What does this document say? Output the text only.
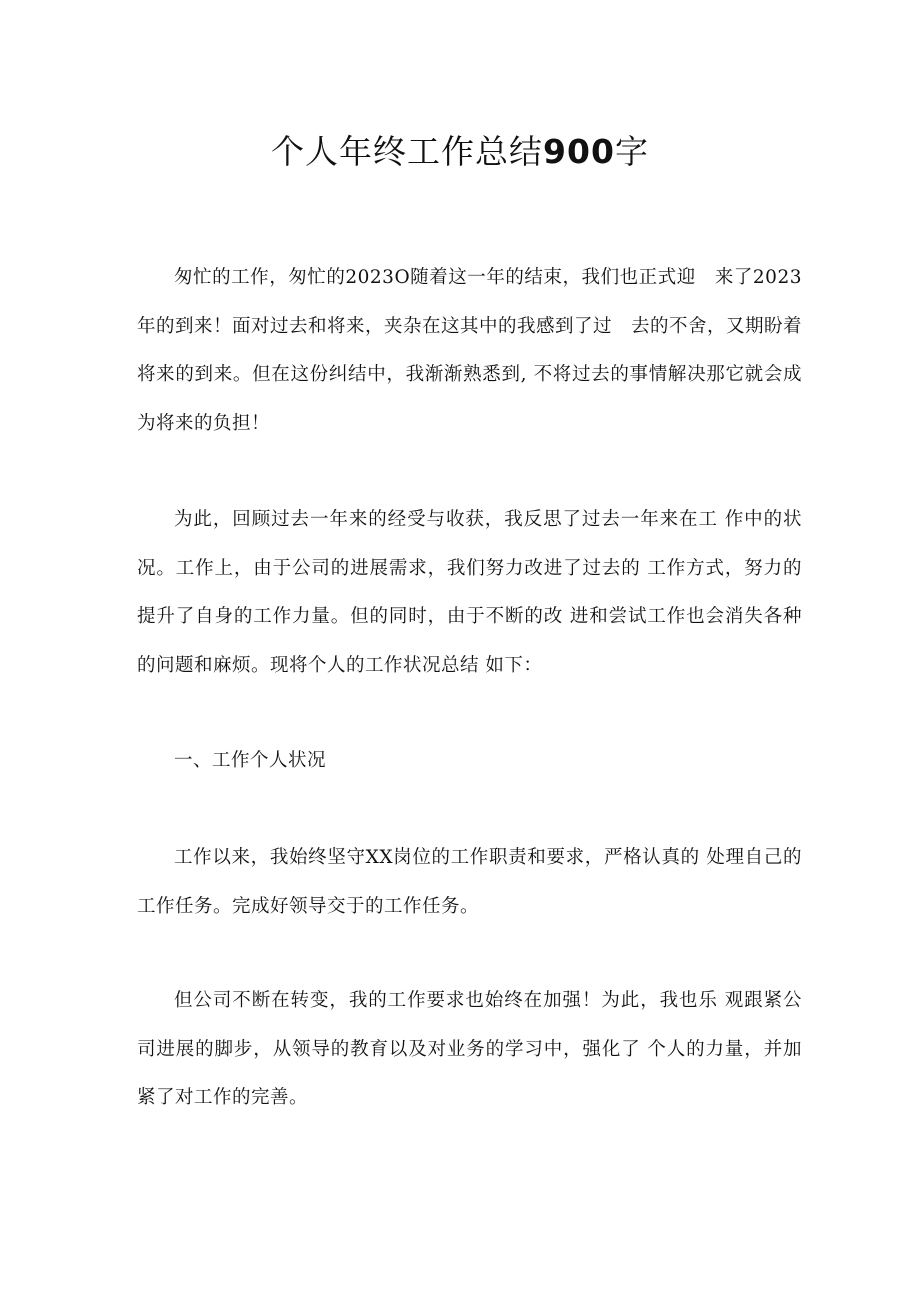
个人年终工作总结900字

匆忙的工作，匆忙的2023O随着这一年的结束，我们也正式迎　来了2023年的到来！面对过去和将来，夹杂在这其中的我感到了过　去的不舍，又期盼着将来的到来。但在这份纠结中，我渐渐熟悉到, 不将过去的事情解决那它就会成为将来的负担！

为此，回顾过去一年来的经受与收获，我反思了过去一年来在工 作中的状况。工作上，由于公司的进展需求，我们努力改进了过去的 工作方式，努力的提升了自身的工作力量。但的同时，由于不断的改 进和尝试工作也会消失各种的问题和麻烦。现将个人的工作状况总结 如下：

一、工作个人状况

工作以来，我始终坚守XX岗位的工作职责和要求，严格认真的 处理自己的工作任务。完成好领导交于的工作任务。

但公司不断在转变，我的工作要求也始终在加强！为此，我也乐 观跟紧公司进展的脚步，从领导的教育以及对业务的学习中，强化了 个人的力量，并加紧了对工作的完善。
